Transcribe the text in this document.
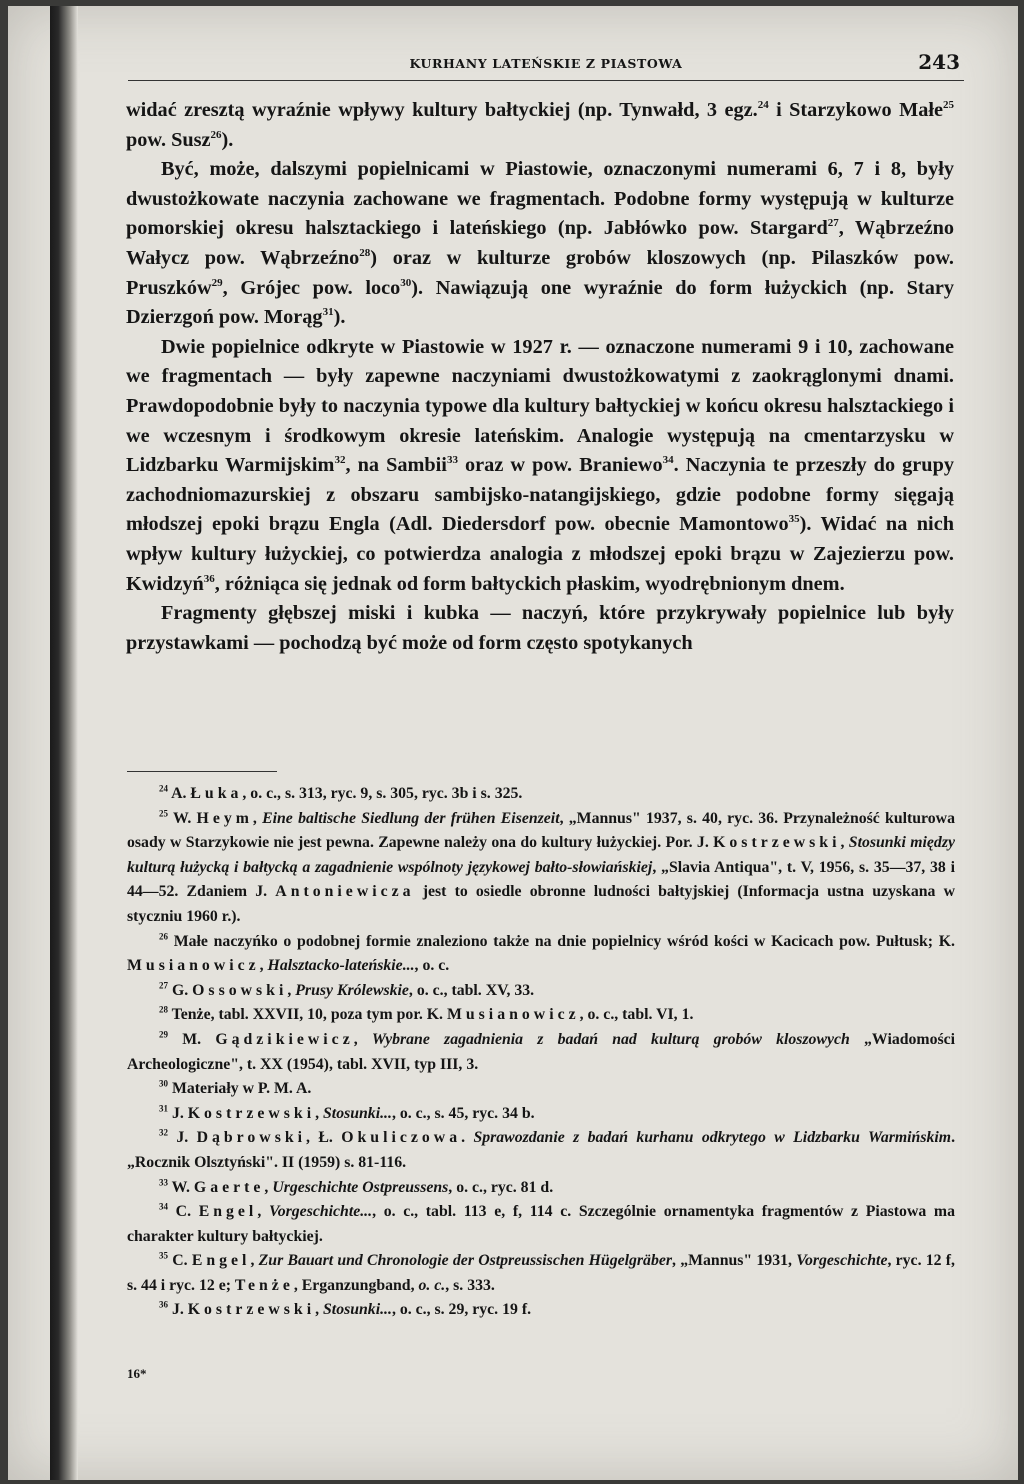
KURHANY LATEŃSKIE Z PIASTOWA	243

widać zresztą wyraźnie wpływy kultury bałtyckiej (np. Tynwałd, 3 egz.$^{24}$ i Starzykowo Małe$^{25}$ pow. Susz$^{26}$).

Być, może, dalszymi popielnicami w Piastowie, oznaczonymi numerami 6, 7 i 8, były dwustożkowate naczynia zachowane we fragmentach. Podobne formy występują w kulturze pomorskiej okresu halsztackiego i lateńskiego (np. Jabłówko pow. Stargard$^{27}$, Wąbrzeźno Wałycz pow. Wąbrzeźno$^{28}$) oraz w kulturze grobów kloszowych (np. Pilaszków pow. Pruszków$^{29}$, Grójec pow. loco$^{30}$). Nawiązują one wyraźnie do form łużyckich (np. Stary Dzierzgoń pow. Morąg$^{31}$).

Dwie popielnice odkryte w Piastowie w 1927 r. — oznaczone numerami 9 i 10, zachowane we fragmentach — były zapewne naczyniami dwustożkowatymi z zaokrąglonymi dnami. Prawdopodobnie były to naczynia typowe dla kultury bałtyckiej w końcu okresu halsztackiego i we wczesnym i środkowym okresie lateńskim. Analogie występują na cmentarzysku w Lidzbarku Warmijskim$^{32}$, na Sambii$^{33}$ oraz w pow. Braniewo$^{34}$. Naczynia te przeszły do grupy zachodniomazurskiej z obszaru sambijsko-natangijskiego, gdzie podobne formy sięgają młodszej epoki brązu Engla (Adl. Diedersdorf pow. obecnie Mamontowo$^{35}$). Widać na nich wpływ kultury łużyckiej, co potwierdza analogia z młodszej epoki brązu w Zajezierzu pow. Kwidzyń$^{36}$, różniąca się jednak od form bałtyckich płaskim, wyodrębnionym dnem.

Fragmenty głębszej miski i kubka — naczyń, które przykrywały popielnice lub były przystawkami — pochodzą być może od form często spotykanych

$^{24}$ A. Łuka, o. c., s. 313, ryc. 9, s. 305, ryc. 3b i s. 325.

$^{25}$ W. Heym, Eine baltische Siedlung der frühen Eisenzeit, „Mannus" 1937, s. 40, ryc. 36. Przynależność kulturowa osady w Starzykowie nie jest pewna. Zapewne należy ona do kultury łużyckiej. Por. J. Kostrzewski, Stosunki między kulturą łużycką i bałtycką a zagadnienie wspólnoty językowej bałto-słowiańskiej, „Slavia Antiqua", t. V, 1956, s. 35—37, 38 i 44—52. Zdaniem J. Antoniewicza jest to osiedle obronne ludności bałtyjskiej (Informacja ustna uzyskana w styczniu 1960 r.).

$^{26}$ Małe naczyńko o podobnej formie znaleziono także na dnie popielnicy wśród kości w Kacicach pow. Pułtusk; K. Musianowicz, Halsztacko-lateńskie..., o. c.

$^{27}$ G. Ossowski, Prusy Królewskie, o. c., tabl. XV, 33.

$^{28}$ Tenże, tabl. XXVII, 10, poza tym por. K. Musianowicz, o. c., tabl. VI, 1.

$^{29}$ M. Gądzikiewicz, Wybrane zagadnienia z badań nad kulturą grobów kloszowych „Wiadomości Archeologiczne", t. XX (1954), tabl. XVII, typ III, 3.

$^{30}$ Materiały w P. M. A.

$^{31}$ J. Kostrzewski, Stosunki..., o. c., s. 45, ryc. 34 b.

$^{32}$ J. Dąbrowski, Ł. Okuliczowa. Sprawozdanie z badań kurhanu odkrytego w Lidzbarku Warmińskim. „Rocznik Olsztyński". II (1959) s. 81-116.

$^{33}$ W. Gaerte, Urgeschichte Ostpreussens, o. c., ryc. 81 d.

$^{34}$ C. Engel, Vorgeschichte..., o. c., tabl. 113 e, f, 114 c. Szczególnie ornamentyka fragmentów z Piastowa ma charakter kultury bałtyckiej.

$^{35}$ C. Engel, Zur Bauart und Chronologie der Ostpreussischen Hügelgräber, „Mannus" 1931, Vorgeschichte, ryc. 12 f, s. 44 i ryc. 12 e; Tenże, Erganzungband, o. c., s. 333.

$^{36}$ J. Kostrzewski, Stosunki..., o. c., s. 29, ryc. 19 f.

16*
